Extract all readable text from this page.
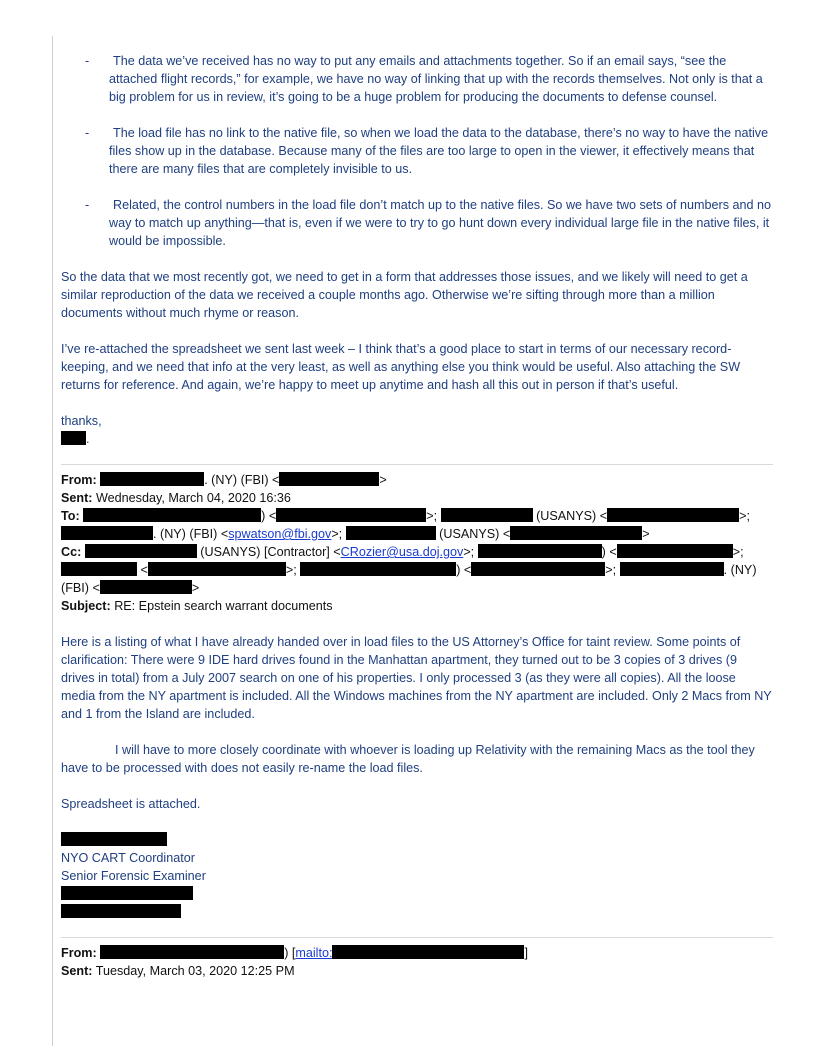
-	The data we’ve received has no way to put any emails and attachments together. So if an email says, “see the attached flight records,” for example, we have no way of linking that up with the records themselves. Not only is that a big problem for us in review, it’s going to be a huge problem for producing the documents to defense counsel.
-	The load file has no link to the native file, so when we load the data to the database, there’s no way to have the native files show up in the database. Because many of the files are too large to open in the viewer, it effectively means that there are many files that are completely invisible to us.
-	Related, the control numbers in the load file don’t match up to the native files. So we have two sets of numbers and no way to match up anything—that is, even if we were to try to go hunt down every individual large file in the native files, it would be impossible.

So the data that we most recently got, we need to get in a form that addresses those issues, and we likely will need to get a similar reproduction of the data we received a couple months ago. Otherwise we’re sifting through more than a million documents without much rhyme or reason.

I’ve re-attached the spreadsheet we sent last week – I think that’s a good place to start in terms of our necessary record-keeping, and we need that info at the very least, as well as anything else you think would be useful. Also attaching the SW returns for reference. And again, we’re happy to meet up anytime and hash all this out in person if that’s useful.

thanks,
.
From:	. (NY) (FBI) <	>
Sent: Wednesday, March 04, 2020 16:36
To:	) <	>;	(USANYS) <	>;
. (NY) (FBI) <spwatson@fbi.gov>;	(USANYS) <	>
Cc:	(USANYS) [Contractor] <CRozier@usa.doj.gov>;	) <	>;
<	>;	) <	>;	. (NY)
(FBI) <	>
Subject: RE: Epstein search warrant documents

Here is a listing of what I have already handed over in load files to the US Attorney’s Office for taint review. Some points of clarification: There were 9 IDE hard drives found in the Manhattan apartment, they turned out to be 3 copies of 3 drives (9 drives in total) from a July 2007 search on one of his properties. I only processed 3 (as they were all copies). All the loose media from the NY apartment is included. All the Windows machines from the NY apartment are included. Only 2 Macs from NY and 1 from the Island are included.

I will have to more closely coordinate with whoever is loading up Relativity with the remaining Macs as the tool they have to be processed with does not easily re-name the load files.

Spreadsheet is attached.

NYO CART Coordinator
Senior Forensic Examiner
From:	) [mailto:	]
Sent: Tuesday, March 03, 2020 12:25 PM
